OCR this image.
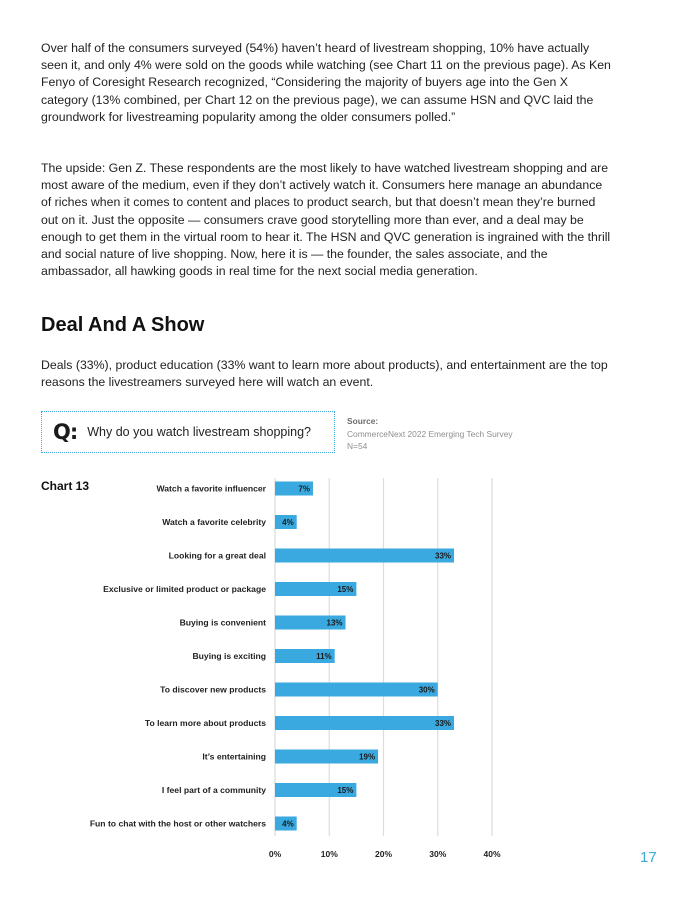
Over half of the consumers surveyed (54%) haven’t heard of livestream shopping, 10% have actually seen it, and only 4% were sold on the goods while watching (see Chart 11 on the previous page). As Ken Fenyo of Coresight Research recognized, “Considering the majority of buyers age into the Gen X category (13% combined, per Chart 12 on the previous page), we can assume HSN and QVC laid the groundwork for livestreaming popularity among the older consumers polled.”

The upside: Gen Z. These respondents are the most likely to have watched livestream shopping and are most aware of the medium, even if they don’t actively watch it. Consumers here manage an abundance of riches when it comes to content and places to product search, but that doesn’t mean they’re burned out on it. Just the opposite — consumers crave good storytelling more than ever, and a deal may be enough to get them in the virtual room to hear it. The HSN and QVC generation is ingrained with the thrill and social nature of live shopping. Now, here it is — the founder, the sales associate, and the ambassador, all hawking goods in real time for the next social media generation.

Deal And A Show

Deals (33%), product education (33% want to learn more about products), and entertainment are the top reasons the livestreamers surveyed here will watch an event.

Q: Why do you watch livestream shopping?
Source:
CommerceNext 2022 Emerging Tech Survey
N=54
Chart 13
0%	10%	20%	30%	40%
Watch a favorite influencer	7%
Watch a favorite celebrity 4%
Looking for a great deal	33%
Exclusive or limited product or package	15%
Buying is convenient	13%
Buying is exciting	11%
To discover new products	30%
To learn more about products	33%
It’s entertaining	19%
I feel part of a community	15%
Fun to chat with the host or other watchers 4%
17
